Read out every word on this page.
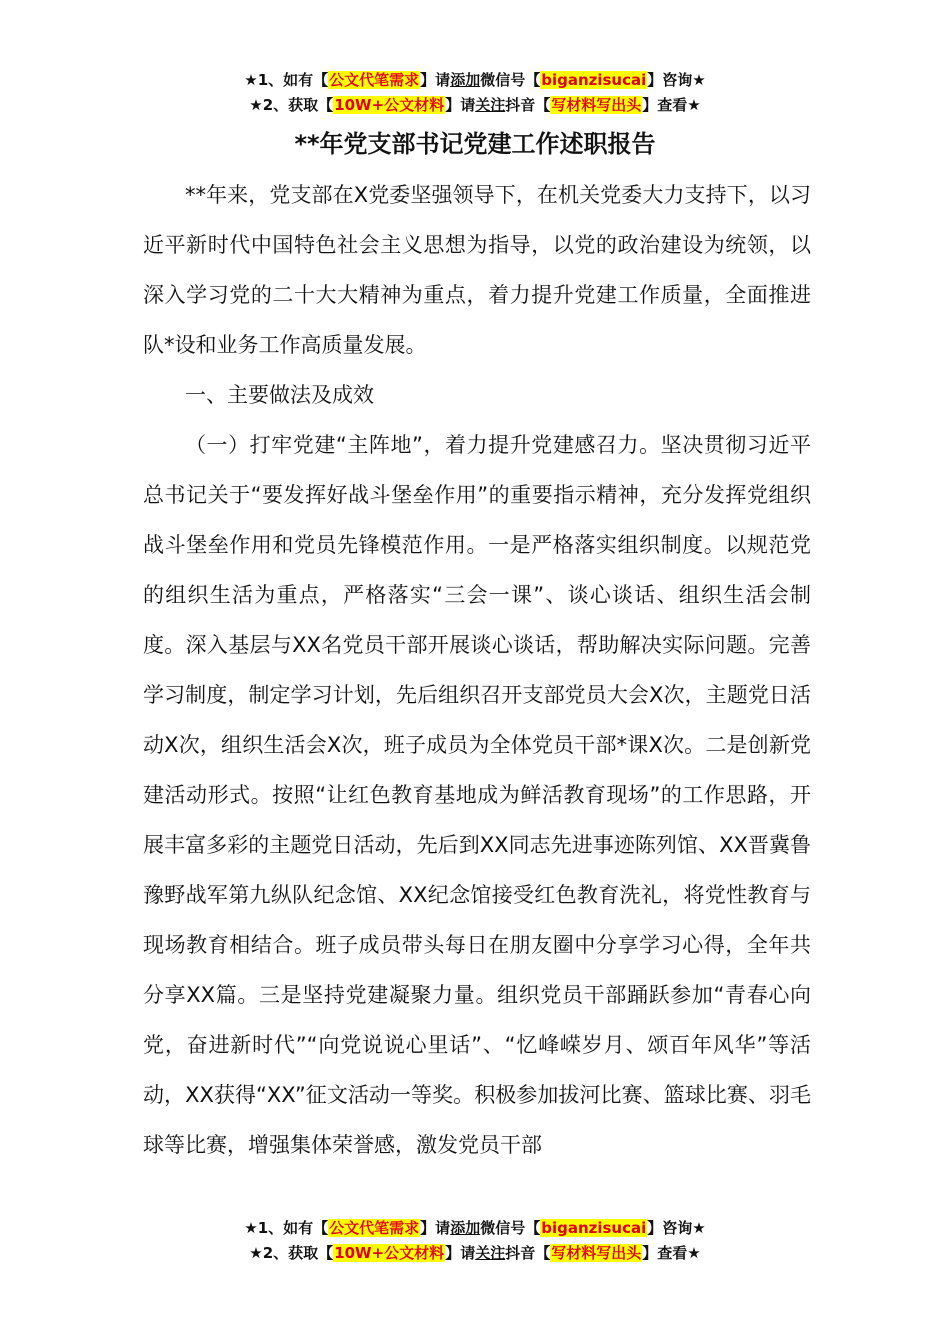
★1、如有【公文代笔需求】请添加微信号【biganzisucai】咨询★
★2、获取【10W+公文材料】请关注抖音【写材料写出头】查看★
**年党支部书记党建工作述职报告

**年来，党支部在X党委坚强领导下，在机关党委大力支持下，以习近平新时代中国特色社会主义思想为指导，以党的政治建设为统领，以深入学习党的二十大大精神为重点，着力提升党建工作质量，全面推进队*设和业务工作高质量发展。

一、主要做法及成效

（一）打牢党建“主阵地”，着力提升党建感召力。坚决贯彻习近平总书记关于“要发挥好战斗堡垒作用”的重要指示精神，充分发挥党组织战斗堡垒作用和党员先锋模范作用。一是严格落实组织制度。以规范党的组织生活为重点，严格落实“三会一课”、谈心谈话、组织生活会制度。深入基层与XX名党员干部开展谈心谈话，帮助解决实际问题。完善学习制度，制定学习计划，先后组织召开支部党员大会X次，主题党日活动X次，组织生活会X次，班子成员为全体党员干部*课X次。二是创新党建活动形式。按照“让红色教育基地成为鲜活教育现场”的工作思路，开展丰富多彩的主题党日活动，先后到XX同志先进事迹陈列馆、XX晋冀鲁豫野战军第九纵队纪念馆、XX纪念馆接受红色教育洗礼，将党性教育与现场教育相结合。班子成员带头每日在朋友圈中分享学习心得，全年共分享XX篇。三是坚持党建凝聚力量。组织党员干部踊跃参加“青春心向党，奋进新时代”“向党说说心里话”、“忆峰嵘岁月、颂百年风华”等活动，XX获得“XX”征文活动一等奖。积极参加拔河比赛、篮球比赛、羽毛球等比赛，增强集体荣誉感，激发党员干部

★1、如有【公文代笔需求】请添加微信号【biganzisucai】咨询★
★2、获取【10W+公文材料】请关注抖音【写材料写出头】查看★
